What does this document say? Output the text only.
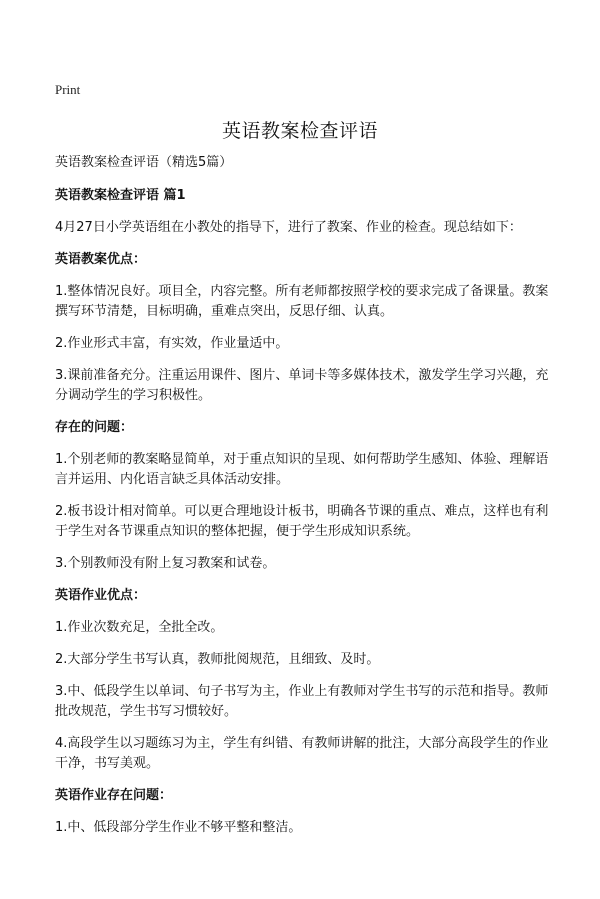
Print
英语教案检查评语

英语教案检查评语（精选5篇）

英语教案检查评语 篇1

4月27日小学英语组在小教处的指导下，进行了教案、作业的检查。现总结如下：

英语教案优点：

1.整体情况良好。项目全，内容完整。所有老师都按照学校的要求完成了备课量。教案撰写环节清楚，目标明确，重难点突出，反思仔细、认真。

2.作业形式丰富，有实效，作业量适中。

3.课前准备充分。注重运用课件、图片、单词卡等多媒体技术，激发学生学习兴趣，充分调动学生的学习积极性。

存在的问题：

1.个别老师的教案略显简单，对于重点知识的呈现、如何帮助学生感知、体验、理解语言并运用、内化语言缺乏具体活动安排。

2.板书设计相对简单。可以更合理地设计板书，明确各节课的重点、难点，这样也有利于学生对各节课重点知识的整体把握，便于学生形成知识系统。

3.个别教师没有附上复习教案和试卷。

英语作业优点：

1.作业次数充足，全批全改。

2.大部分学生书写认真，教师批阅规范，且细致、及时。

3.中、低段学生以单词、句子书写为主，作业上有教师对学生书写的示范和指导。教师批改规范，学生书写习惯较好。

4.高段学生以习题练习为主，学生有纠错、有教师讲解的批注，大部分高段学生的作业干净，书写美观。

英语作业存在问题：

1.中、低段部分学生作业不够平整和整洁。
